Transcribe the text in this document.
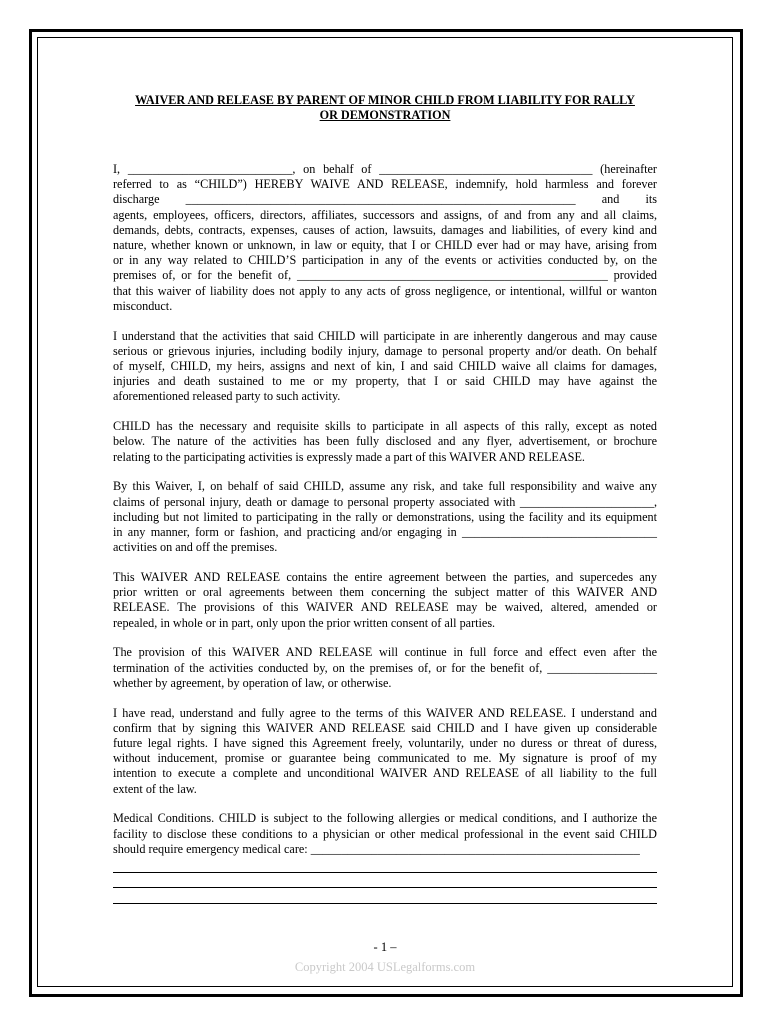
WAIVER AND RELEASE BY PARENT OF MINOR CHILD FROM LIABILITY FOR RALLY
OR DEMONSTRATION
I, ___________________________, on behalf of ___________________________________ (hereinafter
referred to as “CHILD”) HEREBY WAIVE AND RELEASE, indemnify, hold harmless and forever
discharge ________________________________________________________________ and its
agents, employees, officers, directors, affiliates, successors and assigns, of and from any and all claims,
demands, debts, contracts, expenses, causes of action, lawsuits, damages and liabilities, of every kind and
nature, whether known or unknown, in law or equity, that I or CHILD ever had or may have, arising from
or in any way related to CHILD’S participation in any of the events or activities conducted by, on the
premises of, or for the benefit of, ___________________________________________________ provided
that this waiver of liability does not apply to any acts of gross negligence, or intentional, willful or wanton
misconduct.
I understand that the activities that said CHILD will participate in are inherently dangerous and may cause
serious or grievous injuries, including bodily injury, damage to personal property and/or death. On behalf
of myself, CHILD, my heirs, assigns and next of kin, I and said CHILD waive all claims for damages,
injuries and death sustained to me or my property, that I or said CHILD may have against the
aforementioned released party to such activity.
CHILD has the necessary and requisite skills to participate in all aspects of this rally, except as noted
below. The nature of the activities has been fully disclosed and any flyer, advertisement, or brochure
relating to the participating activities is expressly made a part of this WAIVER AND RELEASE.
By this Waiver, I, on behalf of said CHILD, assume any risk, and take full responsibility and waive any
claims of personal injury, death or damage to personal property associated with ______________________,
including but not limited to participating in the rally or demonstrations, using the facility and its equipment
in any manner, form or fashion, and practicing and/or engaging in ________________________________
activities on and off the premises.
This WAIVER AND RELEASE contains the entire agreement between the parties, and supercedes any
prior written or oral agreements between them concerning the subject matter of this WAIVER AND
RELEASE. The provisions of this WAIVER AND RELEASE may be waived, altered, amended or
repealed, in whole or in part, only upon the prior written consent of all parties.
The provision of this WAIVER AND RELEASE will continue in full force and effect even after the
termination of the activities conducted by, on the premises of, or for the benefit of, __________________
whether by agreement, by operation of law, or otherwise.
I have read, understand and fully agree to the terms of this WAIVER AND RELEASE. I understand and
confirm that by signing this WAIVER AND RELEASE said CHILD and I have given up considerable
future legal rights. I have signed this Agreement freely, voluntarily, under no duress or threat of duress,
without inducement, promise or guarantee being communicated to me. My signature is proof of my
intention to execute a complete and unconditional WAIVER AND RELEASE of all liability to the full
extent of the law.
Medical Conditions. CHILD is subject to the following allergies or medical conditions, and I authorize the
facility to disclose these conditions to a physician or other medical professional in the event said CHILD
should require emergency medical care: ______________________________________________________
- 1 –
Copyright 2004 USLegalforms.com
